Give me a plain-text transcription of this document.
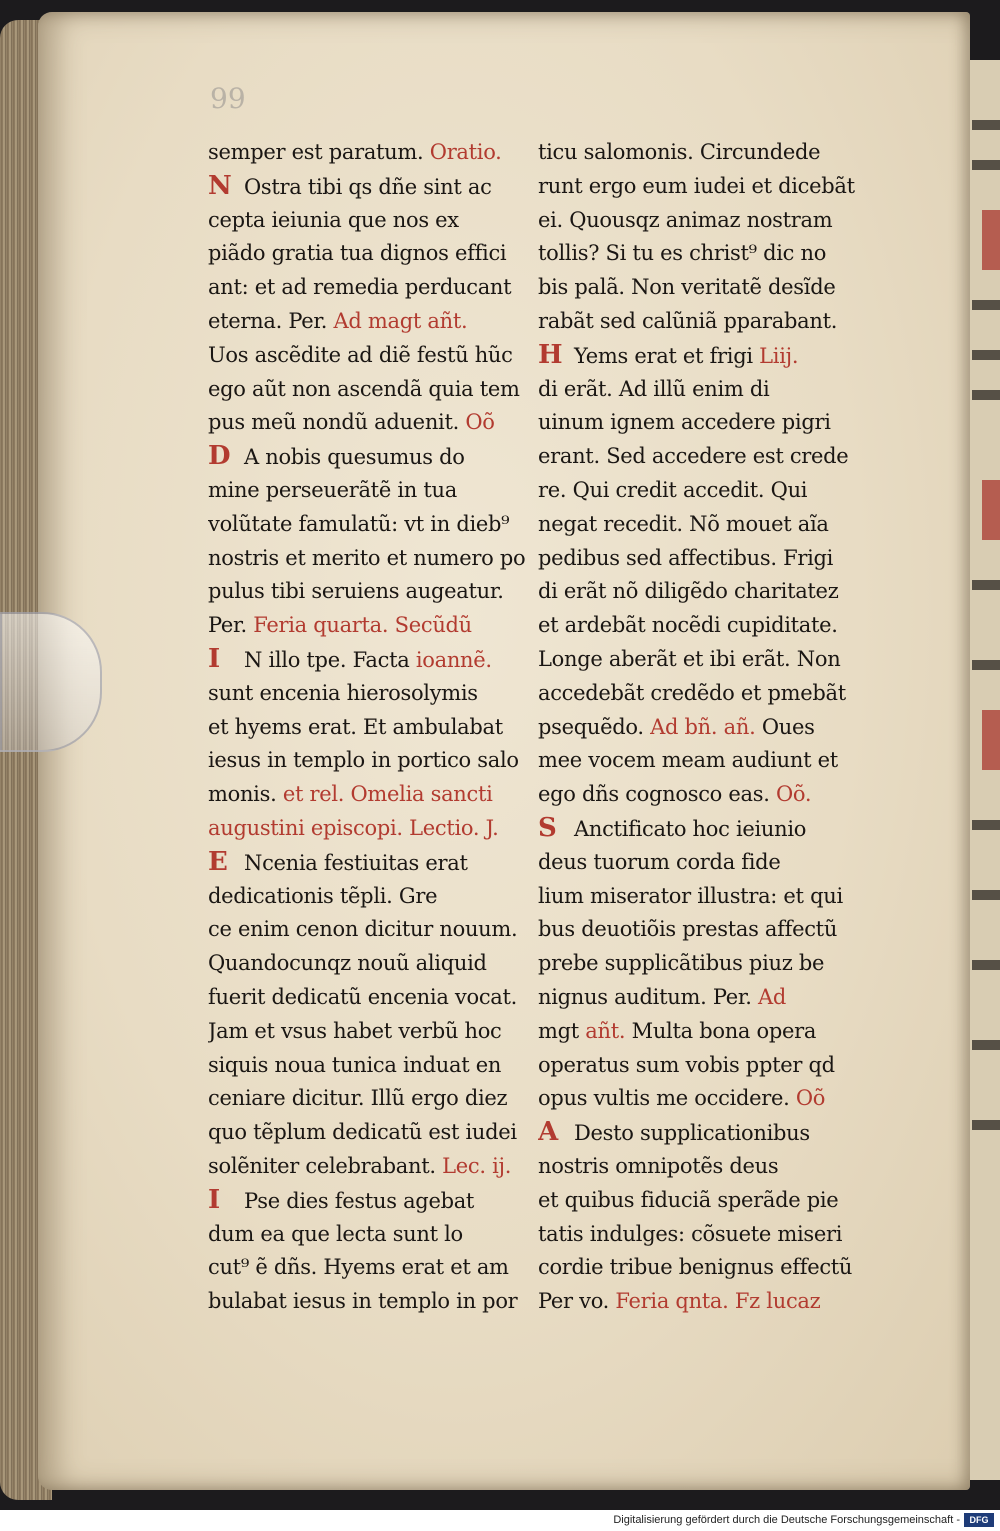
99
semper est paratum. Oratio.
N Ostra tibi qs dñe sint ac
cepta ieiunia que nos ex
piãdo gratia tua dignos effici
ant: et ad remedia perducant
eterna. Per. Ad magt añt.
Uos ascẽdite ad diẽ festũ hũc
ego aũt non ascendã quia tem
pus meũ nondũ aduenit. Oõ
D A nobis quesumus do
mine perseuerãtẽ in tua
volũtate famulatũ: vt in dieb⁹
nostris et merito et numero po
pulus tibi seruiens augeatur.
Per. Feria quarta. Secũdũ
I N illo tpe. Facta ioannẽ.
sunt encenia hierosolymis
et hyems erat. Et ambulabat
iesus in templo in portico salo
monis. et rel. Omelia sancti
augustini episcopi. Lectio. J.
E Ncenia festiuitas erat
dedicationis tẽpli. Gre
ce enim cenon dicitur nouum.
Quandocunqz nouũ aliquid
fuerit dedicatũ encenia vocat.
Jam et vsus habet verbũ hoc
siquis noua tunica induat en
ceniare dicitur. Illũ ergo diez
quo tẽplum dedicatũ est iudei
solẽniter celebrabant. Lec. ij.
I Pse dies festus agebat
dum ea que lecta sunt lo
cut⁹ ẽ dñs. Hyems erat et am
bulabat iesus in templo in por
ticu salomonis. Circundede
runt ergo eum iudei et dicebãt
ei. Quousqz animaz nostram
tollis? Si tu es christ⁹ dic no
bis palã. Non veritatẽ desĩde
rabãt sed calũniã pparabant.
H Yems erat et frigi Liij.
di erãt. Ad illũ enim di
uinum ignem accedere pigri
erant. Sed accedere est crede
re. Qui credit accedit. Qui
negat recedit. Nõ mouet aĩa
pedibus sed affectibus. Frigi
di erãt nõ diligẽdo charitatez
et ardebãt nocẽdi cupiditate.
Longe aberãt et ibi erãt. Non
accedebãt credẽdo et pmebãt
psequẽdo. Ad bñ. añ. Oues
mee vocem meam audiunt et
ego dñs cognosco eas. Oõ.
S Anctificato hoc ieiunio
deus tuorum corda fide
lium miserator illustra: et qui
bus deuotiõis prestas affectũ
prebe supplicãtibus piuz be
nignus auditum. Per. Ad
mgt añt. Multa bona opera
operatus sum vobis ppter qd
opus vultis me occidere. Oõ
A Desto supplicationibus
nostris omnipotẽs deus
et quibus fiduciã sperãde pie
tatis indulges: cõsuete miseri
cordie tribue benignus effectũ
Per vo. Feria qnta. Fz lucaz
Digitalisierung gefördert durch die Deutsche Forschungsgemeinschaft -	DFG
